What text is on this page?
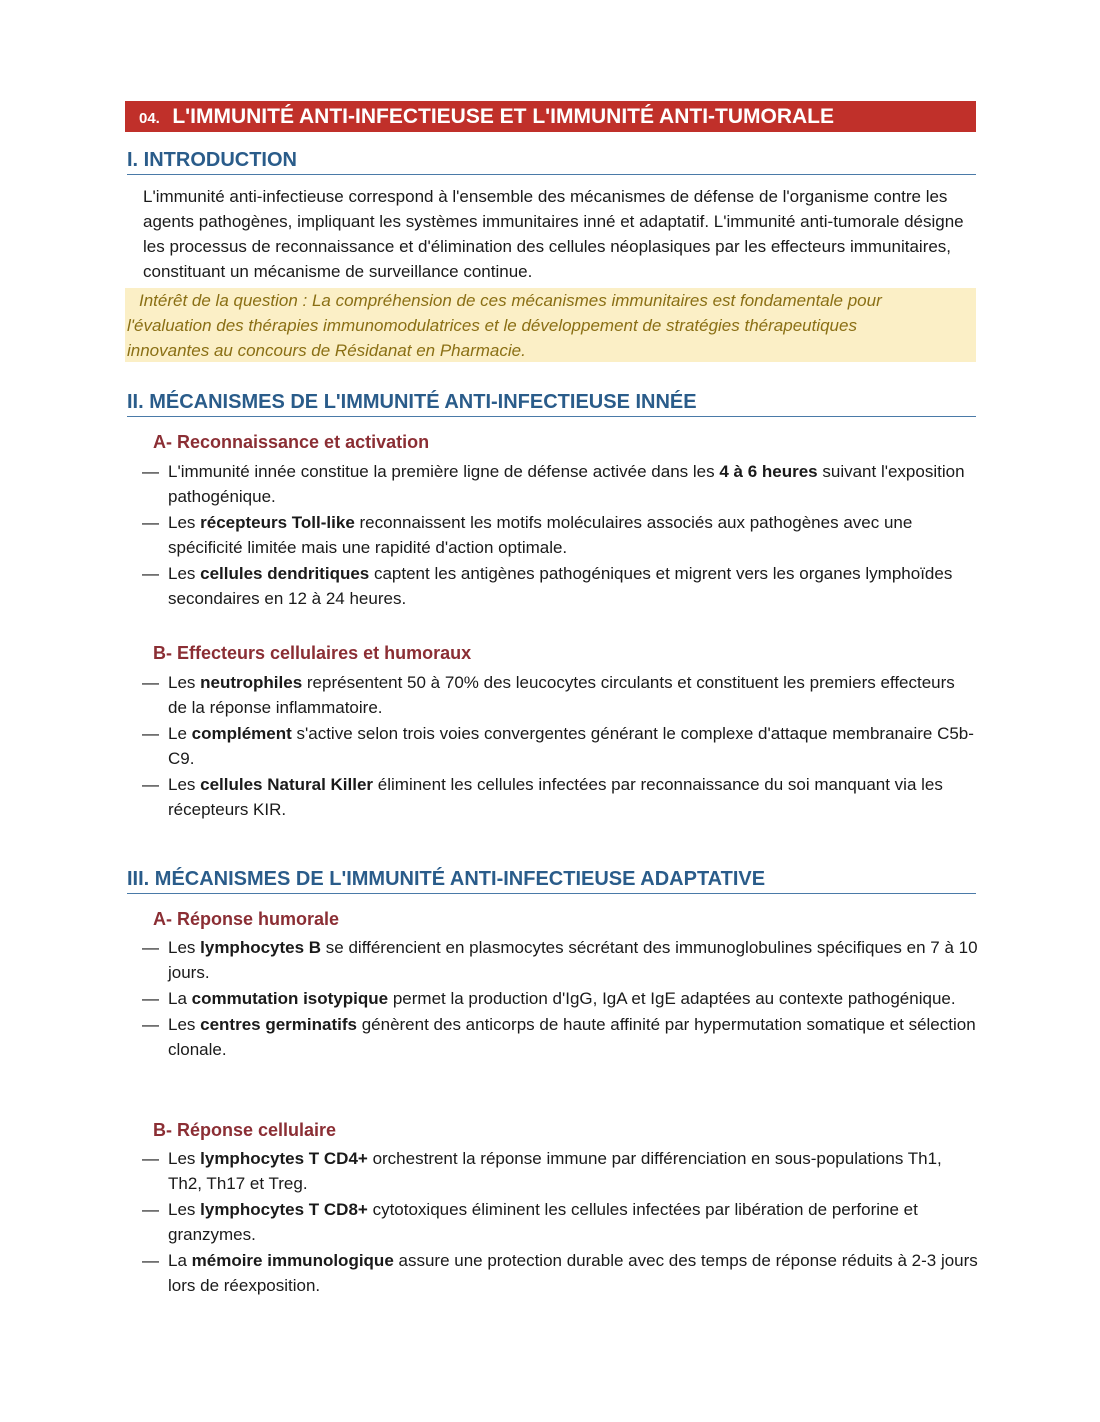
04. L'IMMUNITÉ ANTI-INFECTIEUSE ET L'IMMUNITÉ ANTI-TUMORALE
I. INTRODUCTION

L'immunité anti-infectieuse correspond à l'ensemble des mécanismes de défense de l'organisme contre les agents pathogènes, impliquant les systèmes immunitaires inné et adaptatif. L'immunité anti-tumorale désigne les processus de reconnaissance et d'élimination des cellules néoplasiques par les effecteurs immunitaires, constituant un mécanisme de surveillance continue.

Intérêt de la question : La compréhension de ces mécanismes immunitaires est fondamentale pour
l'évaluation des thérapies immunomodulatrices et le développement de stratégies thérapeutiques
innovantes au concours de Résidanat en Pharmacie.
II. MÉCANISMES DE L'IMMUNITÉ ANTI-INFECTIEUSE INNÉE
A- Reconnaissance et activation
— L'immunité innée constitue la première ligne de défense activée dans les 4 à 6 heures suivant l'exposition pathogénique.
— Les récepteurs Toll-like reconnaissent les motifs moléculaires associés aux pathogènes avec une spécificité limitée mais une rapidité d'action optimale.
— Les cellules dendritiques captent les antigènes pathogéniques et migrent vers les organes lymphoïdes secondaires en 12 à 24 heures.
B- Effecteurs cellulaires et humoraux
— Les neutrophiles représentent 50 à 70% des leucocytes circulants et constituent les premiers effecteurs de la réponse inflammatoire.
— Le complément s'active selon trois voies convergentes générant le complexe d'attaque membranaire C5b-C9.
— Les cellules Natural Killer éliminent les cellules infectées par reconnaissance du soi manquant via les récepteurs KIR.
III. MÉCANISMES DE L'IMMUNITÉ ANTI-INFECTIEUSE ADAPTATIVE
A- Réponse humorale
— Les lymphocytes B se différencient en plasmocytes sécrétant des immunoglobulines spécifiques en 7 à 10 jours.
— La commutation isotypique permet la production d'IgG, IgA et IgE adaptées au contexte pathogénique.
— Les centres germinatifs génèrent des anticorps de haute affinité par hypermutation somatique et sélection clonale.
B- Réponse cellulaire
— Les lymphocytes T CD4+ orchestrent la réponse immune par différenciation en sous-populations Th1, Th2, Th17 et Treg.
— Les lymphocytes T CD8+ cytotoxiques éliminent les cellules infectées par libération de perforine et granzymes.
— La mémoire immunologique assure une protection durable avec des temps de réponse réduits à 2-3 jours lors de réexposition.
